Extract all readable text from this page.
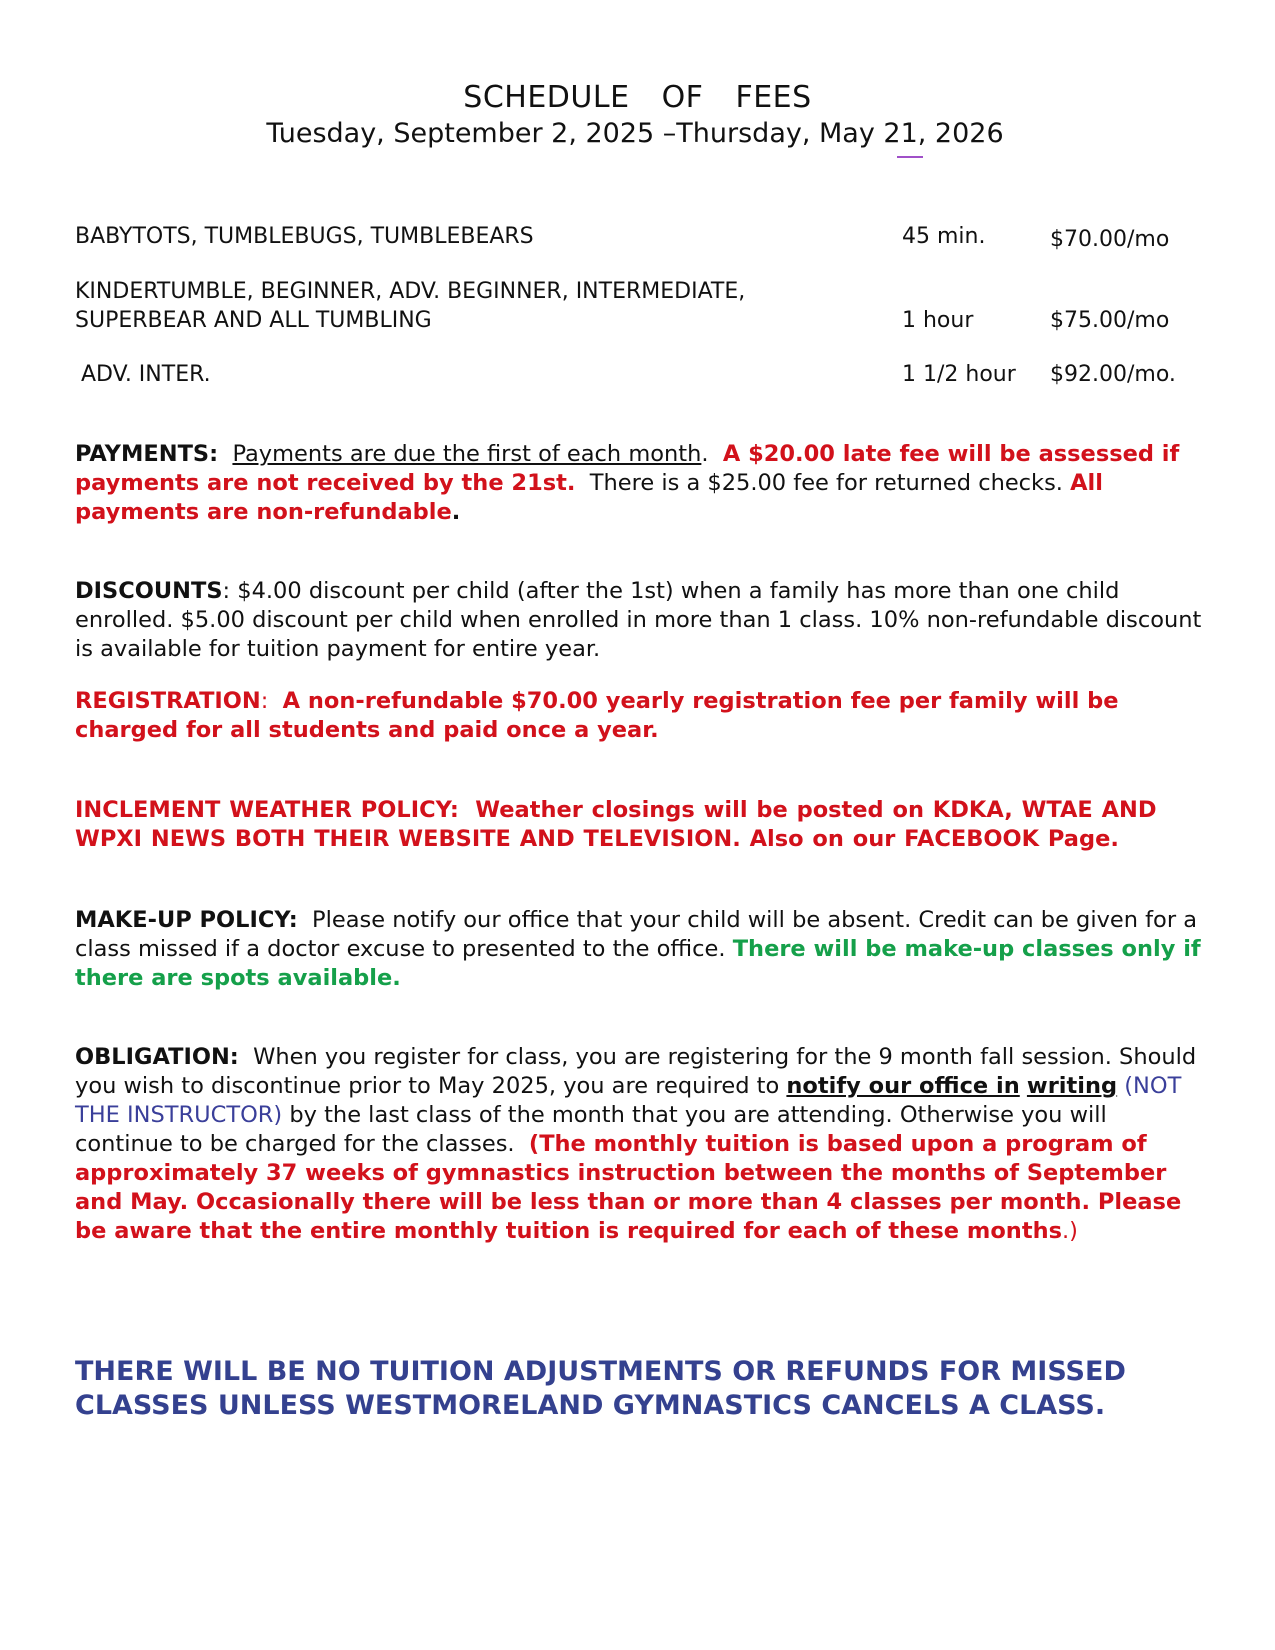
SCHEDULE OF FEES
Tuesday, September 2, 2025 –Thursday, May 21, 2026
BABYTOTS, TUMBLEBUGS, TUMBLEBEARS	45 min.	$70.00/mo
KINDERTUMBLE, BEGINNER, ADV. BEGINNER, INTERMEDIATE,
SUPERBEAR AND ALL TUMBLING	1 hour	$75.00/mo
ADV. INTER.	1 1/2 hour $92.00/mo.
PAYMENTS: Payments are due the first of each month. A $20.00 late fee will be assessed if payments are not received by the 21st. There is a $25.00 fee for returned checks. All payments are non-refundable.
DISCOUNTS: $4.00 discount per child (after the 1st) when a family has more than one child enrolled. $5.00 discount per child when enrolled in more than 1 class. 10% non-refundable discount is available for tuition payment for entire year.
REGISTRATION:  A non-refundable $70.00 yearly registration fee per family will be charged for all students and paid once a year.
INCLEMENT WEATHER POLICY: Weather closings will be posted on KDKA, WTAE AND WPXI NEWS BOTH THEIR WEBSITE AND TELEVISION. Also on our FACEBOOK Page.
MAKE-UP POLICY: Please notify our office that your child will be absent. Credit can be given for a class missed if a doctor excuse to presented to the office. There will be make-up classes only if there are spots available.
OBLIGATION: When you register for class, you are registering for the 9 month fall session. Should you wish to discontinue prior to May 2025, you are required to notify our office in writing (NOT THE INSTRUCTOR) by the last class of the month that you are attending. Otherwise you will continue to be charged for the classes. (The monthly tuition is based upon a program of approximately 37 weeks of gymnastics instruction between the months of September and May. Occasionally there will be less than or more than 4 classes per month. Please be aware that the entire monthly tuition is required for each of these months.)
THERE WILL BE NO TUITION ADJUSTMENTS OR REFUNDS FOR MISSED CLASSES UNLESS WESTMORELAND GYMNASTICS CANCELS A CLASS.
